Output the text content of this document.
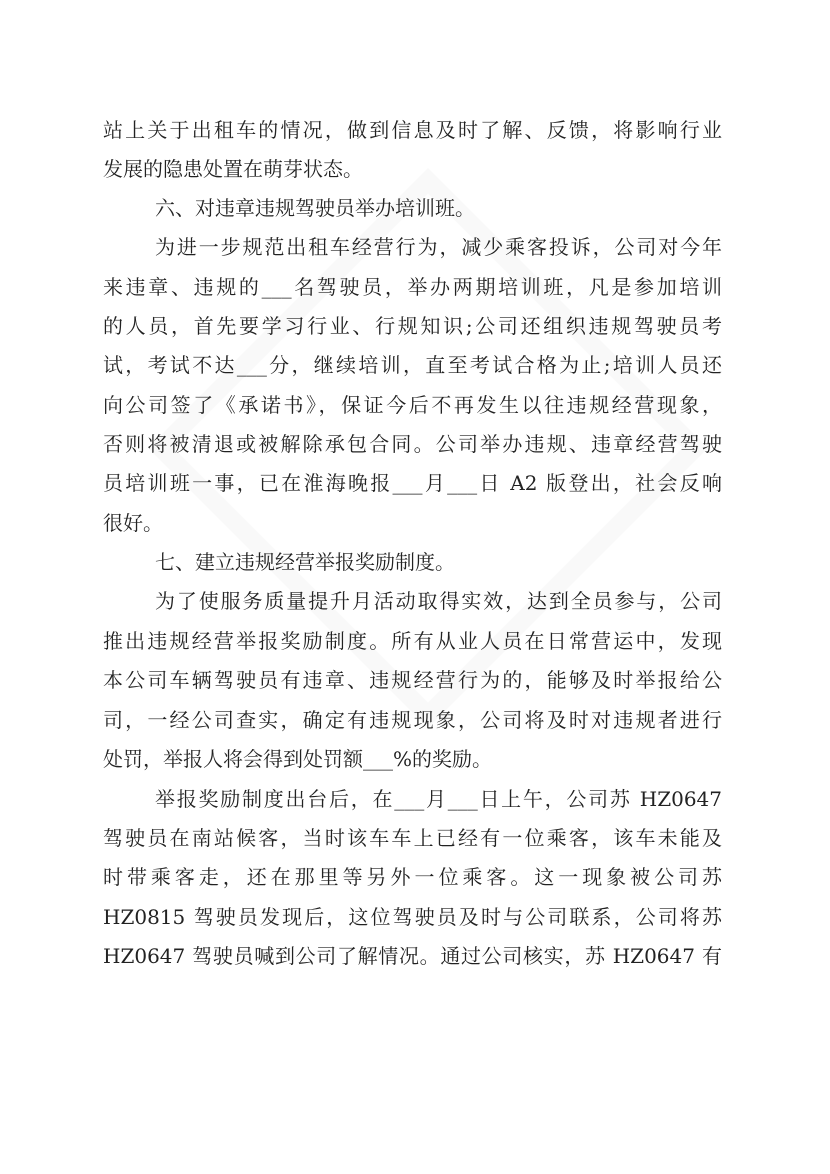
站上关于出租车的情况，做到信息及时了解、反馈，将影响行业
发展的隐患处置在萌芽状态。
六、对违章违规驾驶员举办培训班。
为进一步规范出租车经营行为，减少乘客投诉，公司对今年
来违章、违规的___名驾驶员，举办两期培训班，凡是参加培训
的人员，首先要学习行业、行规知识;公司还组织违规驾驶员考
试，考试不达___分，继续培训，直至考试合格为止;培训人员还
向公司签了《承诺书》，保证今后不再发生以往违规经营现象，
否则将被清退或被解除承包合同。公司举办违规、违章经营驾驶
员培训班一事，已在淮海晚报___月___日 A2 版登出，社会反响
很好。
七、建立违规经营举报奖励制度。
为了使服务质量提升月活动取得实效，达到全员参与，公司
推出违规经营举报奖励制度。所有从业人员在日常营运中，发现
本公司车辆驾驶员有违章、违规经营行为的，能够及时举报给公
司，一经公司查实，确定有违规现象，公司将及时对违规者进行
处罚，举报人将会得到处罚额___%的奖励。
举报奖励制度出台后，在___月___日上午，公司苏 HZ0647
驾驶员在南站候客，当时该车车上已经有一位乘客，该车未能及
时带乘客走，还在那里等另外一位乘客。这一现象被公司苏
HZ0815 驾驶员发现后，这位驾驶员及时与公司联系，公司将苏
HZ0647 驾驶员喊到公司了解情况。通过公司核实，苏 HZ0647 有
